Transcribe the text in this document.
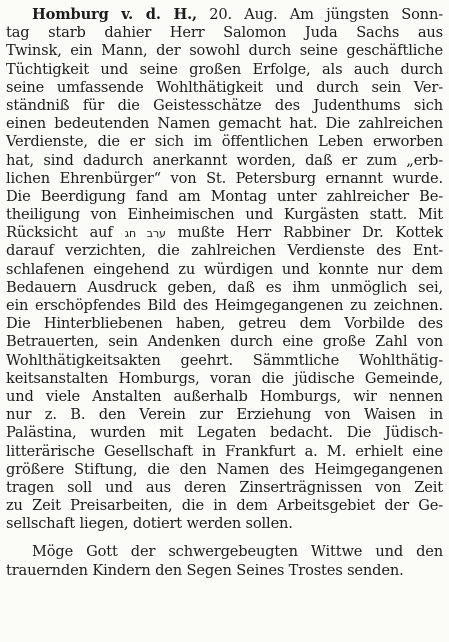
Homburg v. d. H., 20. Aug. Am jüngsten Sonn-
tag starb dahier Herr Salomon Juda Sachs aus
Twinsk, ein Mann, der sowohl durch seine geschäftliche
Tüchtigkeit und seine großen Erfolge, als auch durch
seine umfassende Wohlthätigkeit und durch sein Ver-
ständniß für die Geistesschätze des Judenthums sich
einen bedeutenden Namen gemacht hat. Die zahlreichen
Verdienste, die er sich im öffentlichen Leben erworben
hat, sind dadurch anerkannt worden, daß er zum „erb-
lichen Ehrenbürger“ von St. Petersburg ernannt wurde.
Die Beerdigung fand am Montag unter zahlreicher Be-
theiligung von Einheimischen und Kurgästen statt. Mit
Rücksicht auf ערב חג mußte Herr Rabbiner Dr. Kottek
darauf verzichten, die zahlreichen Verdienste des Ent-
schlafenen eingehend zu würdigen und konnte nur dem
Bedauern Ausdruck geben, daß es ihm unmöglich sei,
ein erschöpfendes Bild des Heimgegangenen zu zeichnen.
Die Hinterbliebenen haben, getreu dem Vorbilde des
Betrauerten, sein Andenken durch eine große Zahl von
Wohlthätigkeitsakten geehrt. Sämmtliche Wohlthätig-
keitsanstalten Homburgs, voran die jüdische Gemeinde,
und viele Anstalten außerhalb Homburgs, wir nennen
nur z. B. den Verein zur Erziehung von Waisen in
Palästina, wurden mit Legaten bedacht. Die Jüdisch-
litterärische Gesellschaft in Frankfurt a. M. erhielt eine
größere Stiftung, die den Namen des Heimgegangenen
tragen soll und aus deren Zinserträgnissen von Zeit
zu Zeit Preisarbeiten, die in dem Arbeitsgebiet der Ge-
sellschaft liegen, dotiert werden sollen.
Möge Gott der schwergebeugten Wittwe und den
trauernden Kindern den Segen Seines Trostes senden.
